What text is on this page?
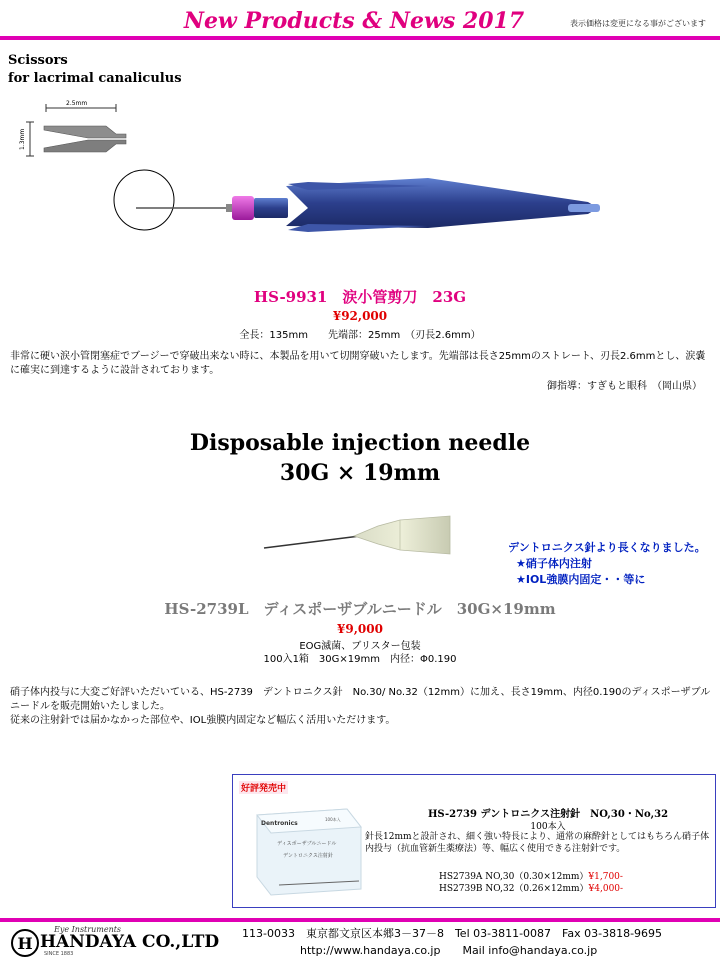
New Products & News 2017	表示価格は変更になる事がございます
Scissors
for lacrimal canaliculus
2.5mm
1.3mm
HS-9931　涙小管剪刀　23G
¥92,000
全長：135mm　　先端部：25mm　（刃長2.6mm）
非常に硬い涙小管閉塞症でブージーで穿破出来ない時に、本製品を用いて切開穿破いたします。先端部は長さ25mmのストレート、刃長2.6mmとし、涙嚢に確実に到達するように設計されております。
御指導：すぎもと眼科　（岡山県）
Disposable injection needle
30G × 19mm
デントロニクス針より長くなりました。
★硝子体内注射
★IOL強膜内固定・・等に
HS-2739L　ディスポーザブルニードル　30G×19mm
¥9,000
EOG滅菌、ブリスター包装
100入1箱　30G×19mm　内径：Φ0.190
硝子体内投与に大変ご好評いただいている、HS-2739　デントロニクス針　No.30/ No.32（12mm）に加え、長さ19mm、内径0.190のディスポーザブルニードルを販売開始いたしました。
従来の注射針では届かなかった部位や、IOL強膜内固定など幅広く活用いただけます。
好評発売中
Dentronics
100本入
ディスポーザブルニードル
デントロニクス注射針
HS-2739 デントロニクス注射針　NO,30・No,32
100本入
針長12mmと設計され、細く強い特長により、通常の麻酔針としてはもちろん硝子体内投与（抗血管新生薬療法）等、幅広く使用できる注射針です。
HS2739A NO,30（0.30×12mm）¥1,700-
HS2739B NO,32（0.26×12mm）¥4,000-
Eye Instruments
H HANDAYA CO.,LTD
SINCE 1883
113-0033　東京都文京区本郷3－37－8　Tel 03-3811-0087　Fax 03-3818-9695
http://www.handaya.co.jp　　Mail info@handaya.co.jp
